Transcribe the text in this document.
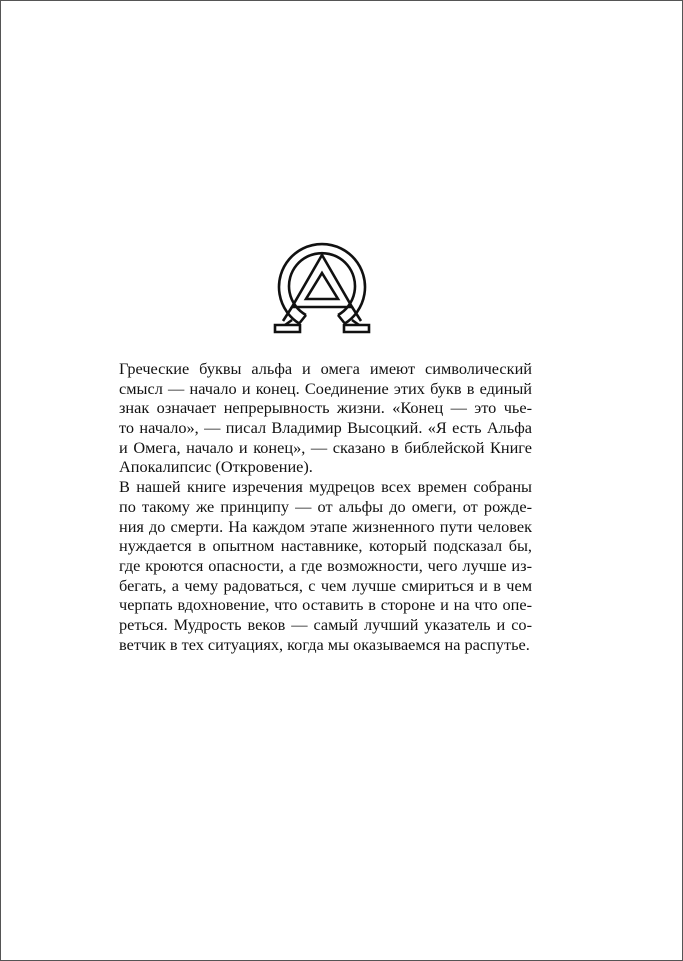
Греческие буквы альфа и омега имеют символический
смысл — начало и конец. Соединение этих букв в единый
знак означает непрерывность жизни. «Конец — это чье-
то начало», — писал Владимир Высоцкий. «Я есть Альфа
и Омега, начало и конец», — сказано в библейской Книге
Апокалипсис (Откровение).
В нашей книге изречения мудрецов всех времен собраны
по такому же принципу — от альфы до омеги, от рожде-
ния до смерти. На каждом этапе жизненного пути человек
нуждается в опытном наставнике, который подсказал бы,
где кроются опасности, а где возможности, чего лучше из-
бегать, а чему радоваться, с чем лучше смириться и в чем
черпать вдохновение, что оставить в стороне и на что опе-
реться. Мудрость веков — самый лучший указатель и со-
ветчик в тех ситуациях, когда мы оказываемся на распутье.
